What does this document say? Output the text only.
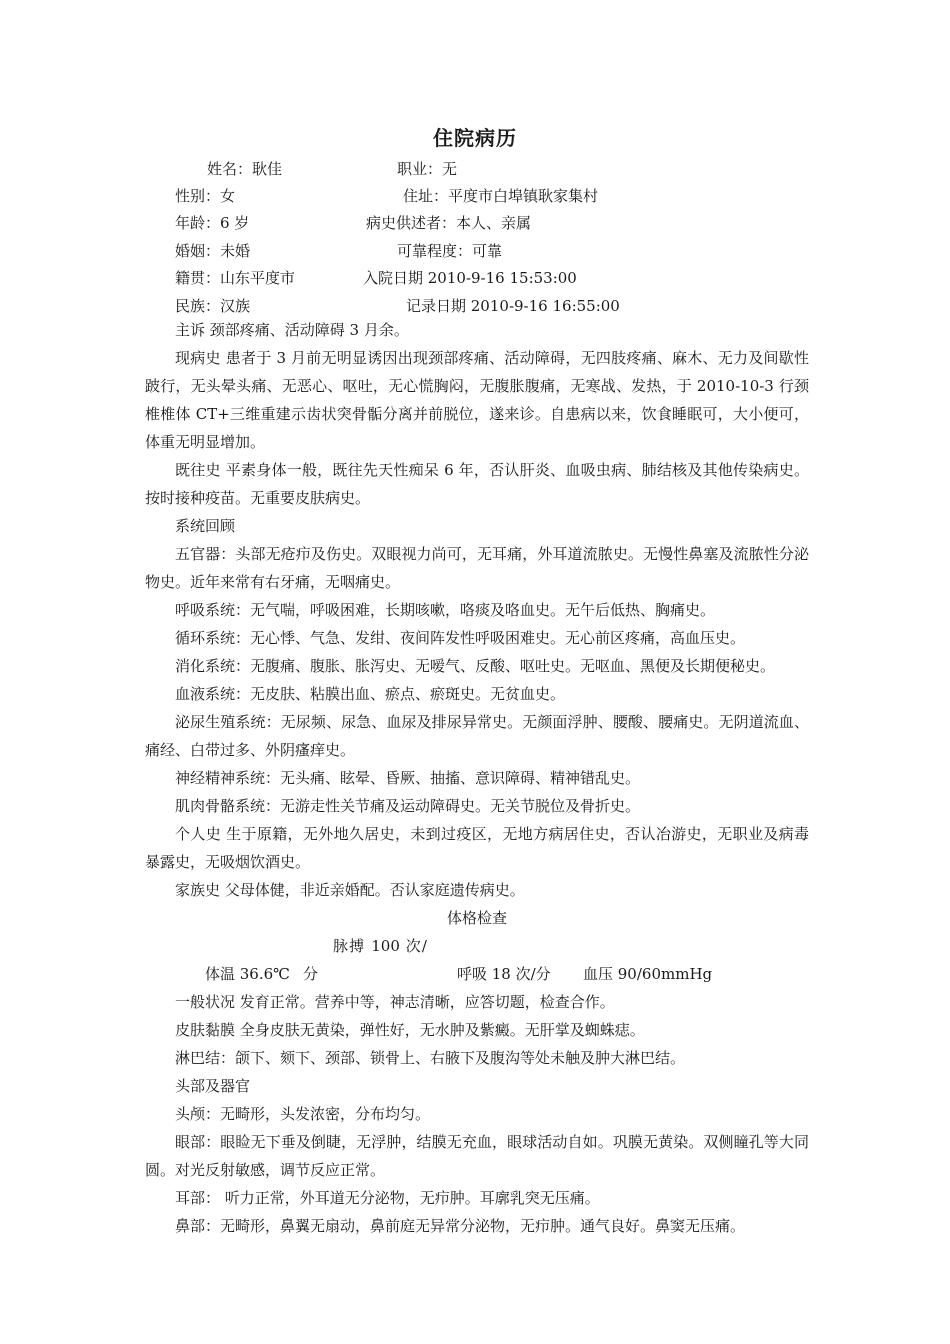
住院病历
姓名：耿佳	职业：无
性别：女	住址：平度市白埠镇耿家集村
年龄：6 岁	病史供述者：本人、亲属
婚姻：未婚	可靠程度：可靠
籍贯：山东平度市	入院日期 2010-9-16 15:53:00
民族：汉族	记录日期 2010-9-16 16:55:00

主诉 颈部疼痛、活动障碍 3 月余。

现病史 患者于 3 月前无明显诱因出现颈部疼痛、活动障碍，无四肢疼痛、麻木、无力及间歇性跛行，无头晕头痛、无恶心、呕吐，无心慌胸闷，无腹胀腹痛，无寒战、发热，于 2010-10-3 行颈椎椎体 CT+三维重建示齿状突骨骺分离并前脱位，遂来诊。自患病以来，饮食睡眠可，大小便可，体重无明显增加。

既往史 平素身体一般，既往先天性痴呆 6 年，否认肝炎、血吸虫病、肺结核及其他传染病史。按时接种疫苗。无重要皮肤病史。

系统回顾

五官器：头部无疮疖及伤史。双眼视力尚可，无耳痛，外耳道流脓史。无慢性鼻塞及流脓性分泌物史。近年来常有右牙痛，无咽痛史。

呼吸系统：无气喘，呼吸困难，长期咳嗽，咯痰及咯血史。无午后低热、胸痛史。

循环系统：无心悸、气急、发绀、夜间阵发性呼吸困难史。无心前区疼痛，高血压史。

消化系统：无腹痛、腹胀、胀泻史、无嗳气、反酸、呕吐史。无呕血、黑便及长期便秘史。

血液系统：无皮肤、粘膜出血、瘀点、瘀斑史。无贫血史。

泌尿生殖系统：无尿频、尿急、血尿及排尿异常史。无颜面浮肿、腰酸、腰痛史。无阴道流血、痛经、白带过多、外阴瘙痒史。

神经精神系统：无头痛、眩晕、昏厥、抽搐、意识障碍、精神错乱史。

肌肉骨骼系统：无游走性关节痛及运动障碍史。无关节脱位及骨折史。

个人史 生于原籍，无外地久居史，未到过疫区，无地方病居住史，否认冶游史，无职业及病毒暴露史，无吸烟饮酒史。

家族史 父母体健，非近亲婚配。否认家庭遗传病史。

体格检查

体温 36.6℃脉搏 100 次/分	呼吸 18 次/分 血压 90/60mmHg

一般状况 发育正常。营养中等，神志清晰，应答切题，检查合作。

皮肤黏膜 全身皮肤无黄染，弹性好，无水肿及紫癜。无肝掌及蜘蛛痣。

淋巴结：颌下、颏下、颈部、锁骨上、右腋下及腹沟等处未触及肿大淋巴结。

头部及器官

头颅：无畸形，头发浓密，分布均匀。

眼部：眼睑无下垂及倒睫，无浮肿，结膜无充血，眼球活动自如。巩膜无黄染。双侧瞳孔等大同圆。对光反射敏感，调节反应正常。

耳部： 听力正常，外耳道无分泌物，无疖肿。耳廓乳突无压痛。

鼻部：无畸形，鼻翼无扇动，鼻前庭无异常分泌物，无疖肿。通气良好。鼻窦无压痛。
